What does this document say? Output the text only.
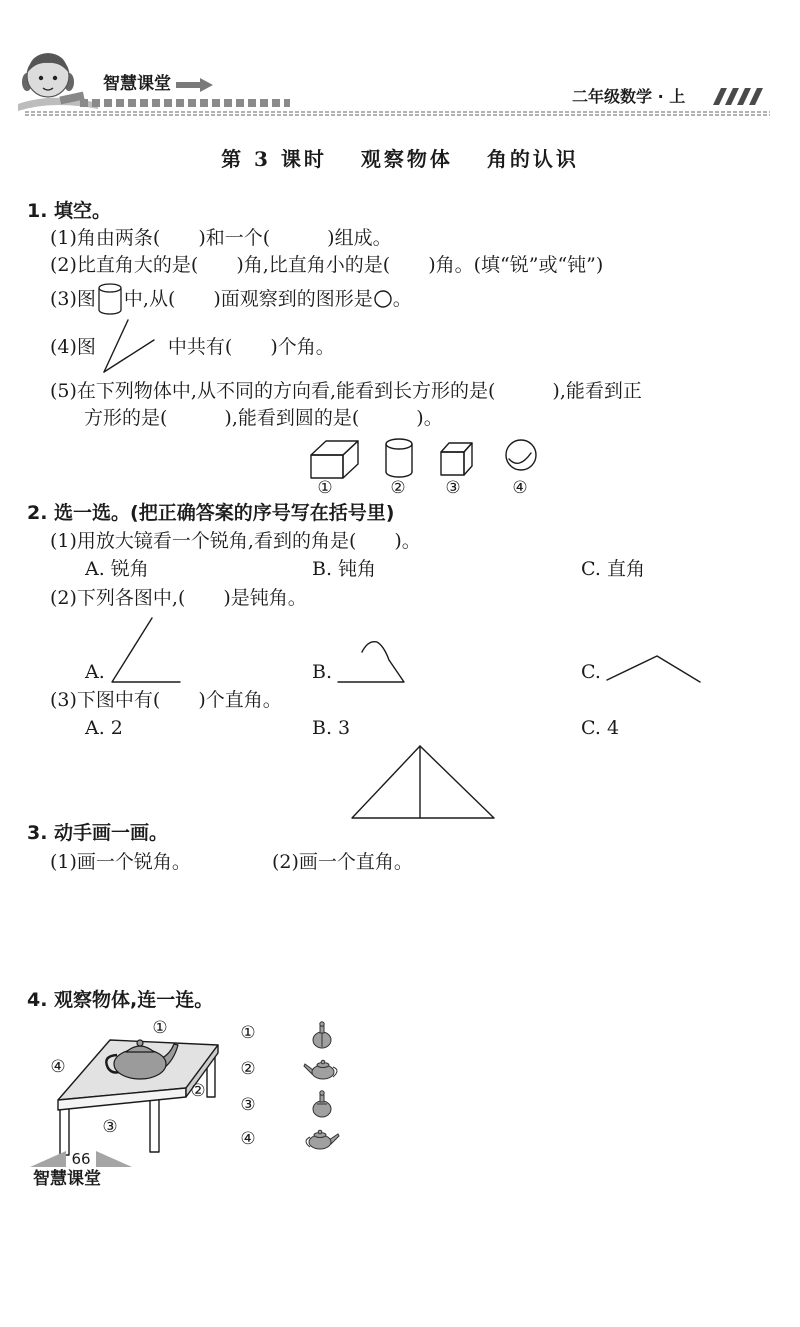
智慧课堂
二年级数学 · 上
第 3 课时 观察物体 角的认识
1. 填空。
(1)角由两条(　　)和一个(　　　)组成。
(2)比直角大的是(　　)角,比直角小的是(　　)角。(填“锐”或“钝”)
(3)图 中,从(　　)面观察到的图形是 。
(4)图	中共有(　　)个角。
(5)在下列物体中,从不同的方向看,能看到长方形的是(　　　),能看到正
方形的是(　　　),能看到圆的是(　　　)。
①	② ③	④
2. 选一选。(把正确答案的序号写在括号里)
(1)用放大镜看一个锐角,看到的角是(　　)。
A. 锐角	B. 钝角	C. 直角
(2)下列各图中,(　　)是钝角。
A.	B.	C.
(3)下图中有(　　)个直角。
A. 2	B. 3	C. 4
3. 动手画一画。
(1)画一个锐角。	(2)画一个直角。
4. 观察物体,连一连。
①
②
③
④
①
②
③
④
66
智慧课堂
